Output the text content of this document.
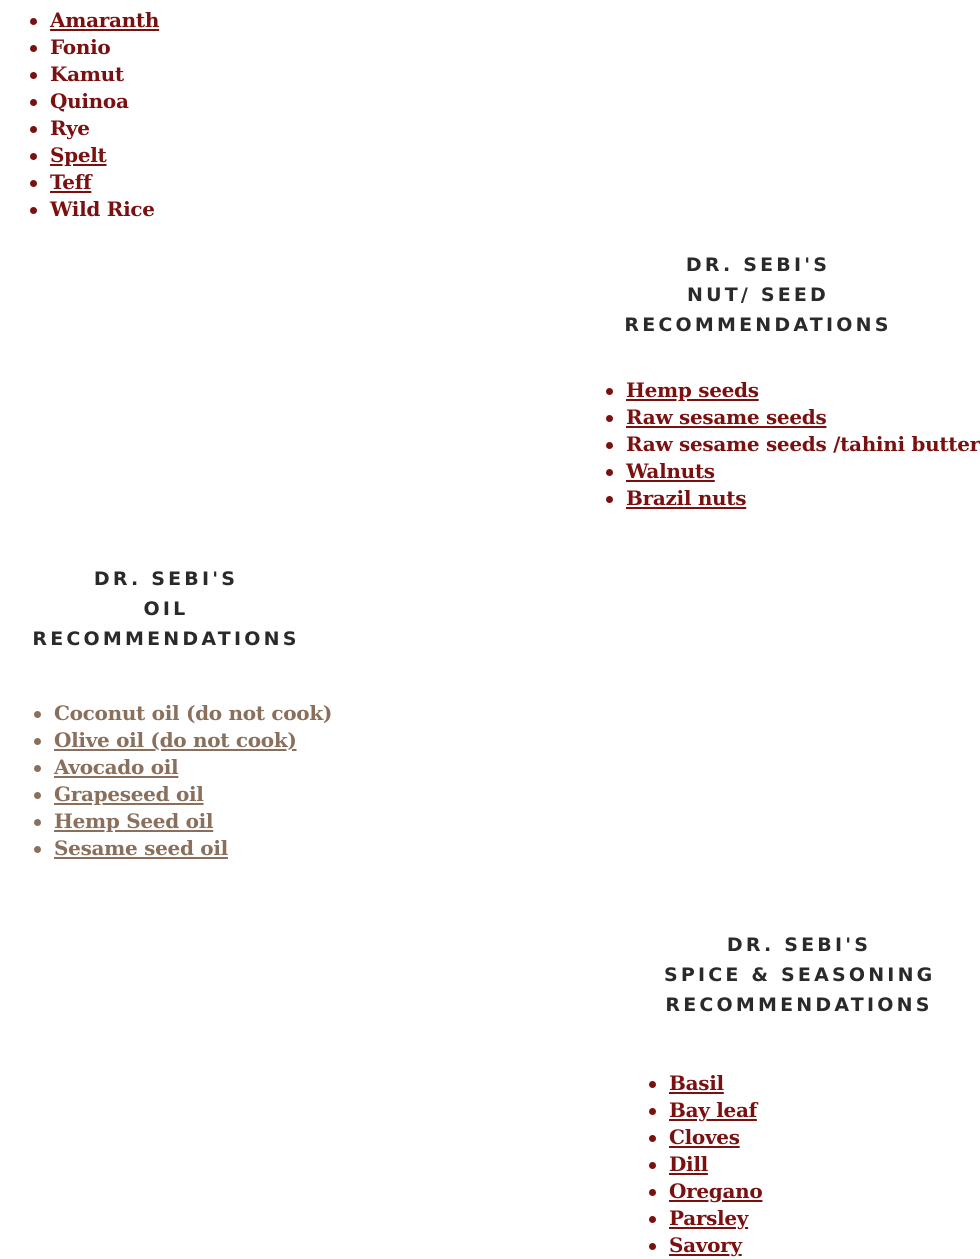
Amaranth
Fonio
Kamut
Quinoa
Rye
Spelt
Teff
Wild Rice
DR. SEBI'S
NUT/ SEED
RECOMMENDATIONS
Hemp seeds
Raw sesame seeds
Raw sesame seeds /tahini butter
Walnuts
Brazil nuts
DR. SEBI'S
OIL
RECOMMENDATIONS
Coconut oil (do not cook)
Olive oil (do not cook)
Avocado oil
Grapeseed oil
Hemp Seed oil
Sesame seed oil
DR. SEBI'S
SPICE & SEASONING
RECOMMENDATIONS
Basil
Bay leaf
Cloves
Dill
Oregano
Parsley
Savory
